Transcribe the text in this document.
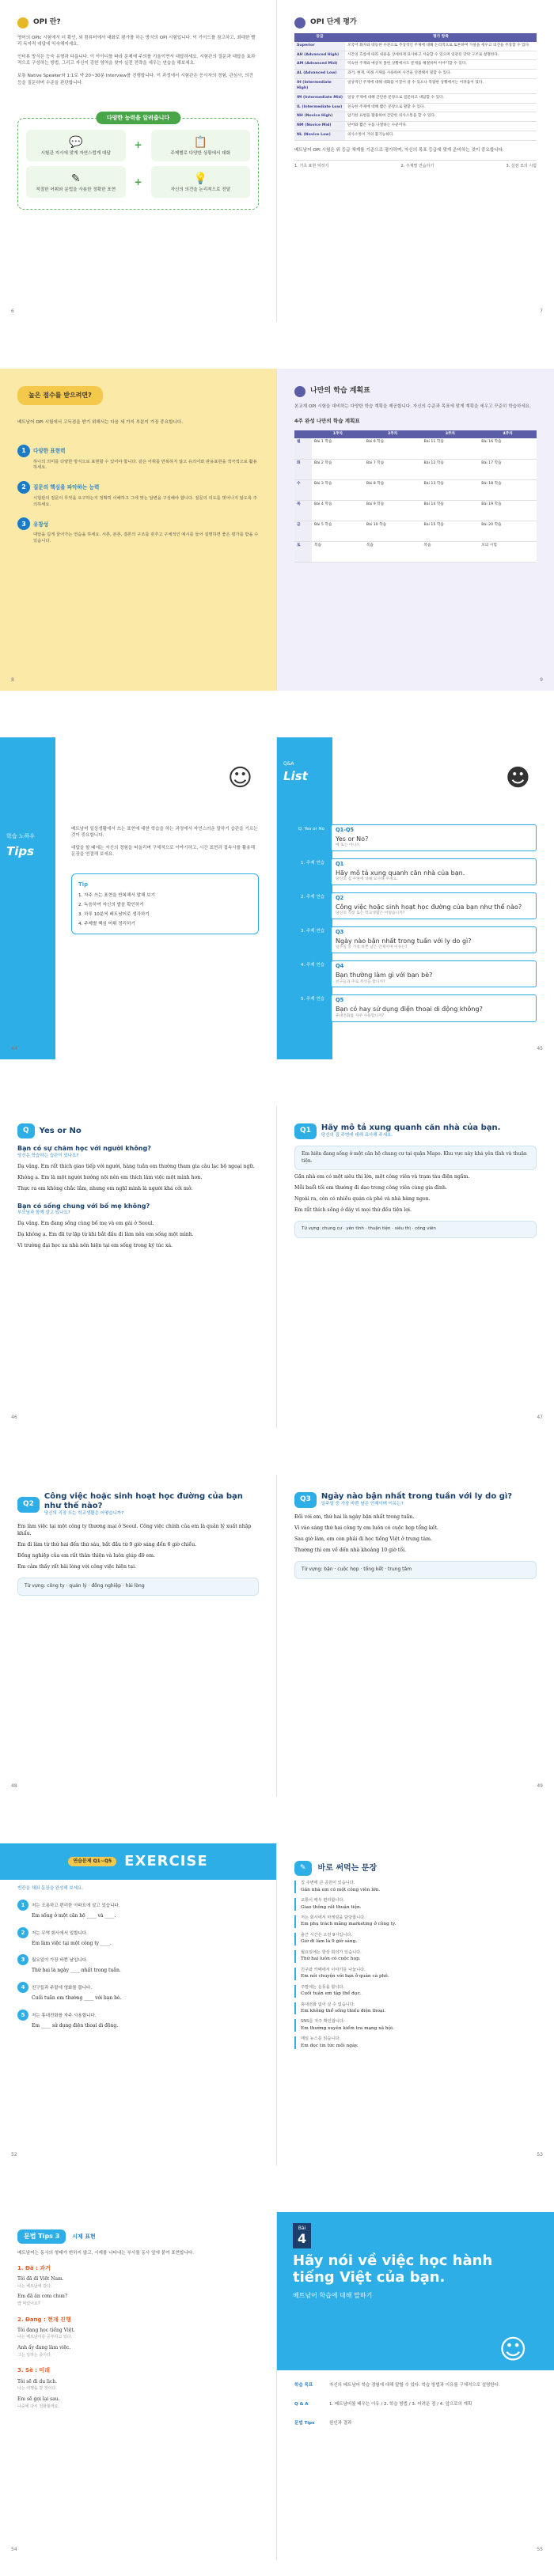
OPI 란?

영어의 OPIc 시험에서 더 확인, 외 컴퓨터에서 대화로 평가를 하는 방식의 OPI 시험입니다. 이 가이드를 참고하고, 최대한 빨리 독자적 대답에 익숙해지세요.

인터뷰 방식은 능숙 유형과 다릅니다. 이 아이디를 따라 문제에 주의를 기울이면서 대답하세요. 시험관의 질문과 대답을 효과적으로 구성하는 방법, 그리고 자신이 강한 영역을 찾아 실전 전략을 세우는 연습을 해보세요.

보통 Native Speaker와 1:1로 약 20~30분 Interview를 진행합니다. 이 과정에서 시험관은 응시자의 경험, 관심사, 의견 등을 질문하며 수준을 판단합니다.

다양한 능력을 알려줍니다
💬
시험관 지시에 맞게 자연스럽게 대답
+	📋
주제별로 다양한 상황에서 대화
✎
적절한 어휘와 문법을 사용한 정확한 표현
+	💡
자신의 의견을 논리적으로 전달
6
OPI 단계 평가
등급	평가 항목
Superior	모국어 화자와 대등한 수준으로 추상적인 주제에 대해 논리적으로 토론하며 가설을 세우고 의견을 주장할 수 있다.
AH (Advanced High)	시간의 흐름에 따라 내용을 상세하게 묘사하고 서술할 수 있으며 일관된 단락 구조로 설명한다.
AM (Advanced Mid)	익숙한 주제와 예상치 못한 상황에서도 문제를 해결하며 이야기할 수 있다.
AL (Advanced Low)	과거, 현재, 미래 시제를 사용하여 사건을 연결해서 말할 수 있다.
IH (Intermediate High)	일상적인 주제에 대해 대화를 이끌어 갈 수 있으나 복잡한 상황에서는 어려움이 있다.
IM (Intermediate Mid)	일상 주제에 대해 간단한 문장으로 질문하고 대답할 수 있다.
IL (Intermediate Low)	친숙한 주제에 대해 짧은 문장으로 말할 수 있다.
NH (Novice High)	암기한 표현을 활용하여 간단한 의사소통을 할 수 있다.
NM (Novice Mid)	단어와 짧은 구를 나열하는 수준이다.
NL (Novice Low)	의사소통이 거의 불가능하다.

베트남어 OPI 시험은 위 등급 체계를 기준으로 평가하며, 자신의 목표 등급에 맞게 준비하는 것이 중요합니다.

1. 기초 표현 익히기	2. 주제별 연습하기	3. 실전 모의 시험
7
높은 점수를 받으려면?

베트남어 OPI 시험에서 고득점을 받기 위해서는 다음 세 가지 부분이 가장 중요합니다.

1 다양한 표현력
하나의 의미를 다양한 방식으로 표현할 수 있어야 합니다. 같은 어휘를 반복하지 않고 유의어와 관용표현을 적극적으로 활용하세요.
2 질문의 핵심을 파악하는 능력
시험관의 질문이 무엇을 요구하는지 정확히 이해하고 그에 맞는 답변을 구성해야 합니다. 질문의 의도를 벗어나지 않도록 주의하세요.
3 유창성
대답을 길게 끌어가는 연습을 하세요. 서론, 본론, 결론의 구조를 갖추고 구체적인 예시를 들어 설명하면 좋은 평가를 받을 수 있습니다.
8
나만의 학습 계획표

본교재 OPI 시험을 대비하는 다양한 학습 계획을 제공합니다. 자신의 수준과 목표에 맞게 계획을 세우고 꾸준히 학습하세요.

4주 완성 나만의 학습 계획표
	1주차	2주차	3주차	4주차
월	Bài 1 학습	Bài 6 학습	Bài 11 학습	Bài 16 학습
화	Bài 2 학습	Bài 7 학습	Bài 12 학습	Bài 17 학습
수	Bài 3 학습	Bài 8 학습	Bài 13 학습	Bài 18 학습
목	Bài 4 학습	Bài 9 학습	Bài 14 학습	Bài 19 학습
금	Bài 5 학습	Bài 10 학습	Bài 15 학습	Bài 20 학습
토	복습	복습	복습	모의 시험
9
학습 노하우
Tips
☺

베트남어 일상생활에서 쓰는 표현에 대한 학습을 하는 과정에서 자연스러운 말하기 습관을 기르는 것이 중요합니다.

대답을 할 때에는 자신의 경험을 떠올리며 구체적으로 이야기하고, 시간 표현과 접속사를 활용해 문장을 연결해 보세요.

Tip
1. 자주 쓰는 표현을 반복해서 말해 보기
2. 녹음하여 자신의 발음 확인하기
3. 하루 10분씩 베트남어로 생각하기
4. 주제별 핵심 어휘 정리하기
44
Q&A
List	☻
Q. Yes or No Q1-Q5
Yes or No?
예 또는 아니오
1. 주제 연습 Q1
Hãy mô tả xung quanh căn nhà của bạn.
당신의 집 주변에 대해 묘사해 주세요.
2. 주제 연습 Q2
Công việc hoặc sinh hoạt học đường của bạn như thế nào?
당신의 직장 또는 학교생활은 어떻습니까?
3. 주제 연습 Q3
Ngày nào bận nhất trong tuần với ly do gì?
일주일 중 가장 바쁜 날은 언제이며 이유는?
4. 주제 연습 Q4
Bạn thường làm gì với bạn bè?
친구들과 주로 무엇을 합니까?
5. 주제 연습 Q5
Bạn có hay sử dụng điện thoại di động không?
휴대전화를 자주 사용합니까?
45
Q	Yes or No
Bạn có sự chăm học với người không?
당신은 학습하는 습관이 있나요?
Dạ vâng. Em rất thích giao tiếp với người, hàng tuần em thường tham gia câu lạc bộ ngoại ngữ.
Không ạ. Em là một người hướng nội nên em thích làm việc một mình hơn.
Thực ra em không chắc lắm, nhưng em nghĩ mình là người khá cởi mở.
Bạn có sống chung với bố mẹ không?
부모님과 함께 살고 있나요?
Dạ vâng. Em đang sống cùng bố mẹ và em gái ở Seoul.
Dạ không ạ. Em đã tự lập từ khi bắt đầu đi làm nên em sống một mình.
Vì trường đại học xa nhà nên hiện tại em sống trong ký túc xá.
46
Q1	Hãy mô tả xung quanh căn nhà của bạn.
당신의 집 주변에 대해 묘사해 주세요.
Em hiện đang sống ở một căn hộ chung cư tại quận Mapo. Khu vực này khá yên tĩnh và thuận tiện.
Gần nhà em có một siêu thị lớn, một công viên và trạm tàu điện ngầm.
Mỗi buổi tối em thường đi dạo trong công viên cùng gia đình.
Ngoài ra, còn có nhiều quán cà phê và nhà hàng ngon.
Em rất thích sống ở đây vì mọi thứ đều tiện lợi.
Từ vựng: chung cư · yên tĩnh · thuận tiện · siêu thị · công viên
47
Q2
Công việc hoặc sinh hoạt học đường của bạn như thế nào?
당신의 직장 또는 학교생활은 어떻습니까?
Em làm việc tại một công ty thương mại ở Seoul. Công việc chính của em là quản lý xuất nhập khẩu.
Em đi làm từ thứ hai đến thứ sáu, bắt đầu từ 9 giờ sáng đến 6 giờ chiều.
Đồng nghiệp của em rất thân thiện và luôn giúp đỡ em.
Em cảm thấy rất hài lòng với công việc hiện tại.
Từ vựng: công ty · quản lý · đồng nghiệp · hài lòng
48
Q3	Ngày nào bận nhất trong tuần với ly do gì?
일주일 중 가장 바쁜 날은 언제이며 이유는?
Đối với em, thứ hai là ngày bận nhất trong tuần.
Vì vào sáng thứ hai công ty em luôn có cuộc họp tổng kết.
Sau giờ làm, em còn phải đi học tiếng Việt ở trung tâm.
Thường thì em về đến nhà khoảng 10 giờ tối.
Từ vựng: bận · cuộc họp · tổng kết · trung tâm
49
연습문제 Q1~Q5 EXERCISE
빈칸을 채워 문장을 완성해 보세요.
1 저는 조용하고 편리한 아파트에 살고 있습니다.
Em sống ở một căn hộ ____ và ____.
2 저는 무역 회사에서 일합니다.
Em làm việc tại một công ty ____.
3 월요일이 가장 바쁜 날입니다.
Thứ hai là ngày ____ nhất trong tuần.
4 친구들과 주말에 영화를 봅니다.
Cuối tuần em thường ____ với bạn bè.
5 저는 휴대전화를 자주 사용합니다.
Em ____ sử dụng điện thoại di động.
52
✎	바로 써먹는 문장
집 주변에 큰 공원이 있습니다.
Gần nhà em có một công viên lớn.
교통이 매우 편리합니다.
Giao thông rất thuận tiện.
저는 회사에서 마케팅을 담당합니다.
Em phụ trách mảng marketing ở công ty.
출근 시간은 오전 9시입니다.
Giờ đi làm là 9 giờ sáng.
월요일에는 항상 회의가 있습니다.
Thứ hai luôn có cuộc họp.
친구와 카페에서 이야기를 나눕니다.
Em nói chuyện với bạn ở quán cà phê.
주말에는 운동을 합니다.
Cuối tuần em tập thể dục.
휴대전화 없이 살 수 없습니다.
Em không thể sống thiếu điện thoại.
SNS를 자주 확인합니다.
Em thường xuyên kiểm tra mạng xã hội.
매일 뉴스를 읽습니다.
Em đọc tin tức mỗi ngày.
53
문법 Tips 3	시제 표현

베트남어는 동사의 형태가 변하지 않고, 시제를 나타내는 부사를 동사 앞에 붙여 표현합니다.

1. Đã : 과거
Tôi đã đi Việt Nam.
나는 베트남에 갔다.
Em đã ăn cơm chưa?
밥 먹었어요?
2. Đang : 현재 진행
Tôi đang học tiếng Việt.
나는 베트남어를 공부하고 있다.
Anh ấy đang làm việc.
그는 일하는 중이다.
3. Sẽ : 미래
Tôi sẽ đi du lịch.
나는 여행을 갈 것이다.
Em sẽ gọi lại sau.
나중에 다시 전화할게요.
54
Bài
4
Hãy nói về việc học hành tiếng Việt của bạn.
베트남어 학습에 대해 말하기
☺
학습 목표	자신의 베트남어 학습 경험에 대해 말할 수 있다. 학습 방법과 이유를 구체적으로 설명한다.
Q & A	1. 베트남어를 배우는 이유 / 2. 학습 방법 / 3. 어려운 점 / 4. 앞으로의 계획
문법 Tips	원인과 결과
55
